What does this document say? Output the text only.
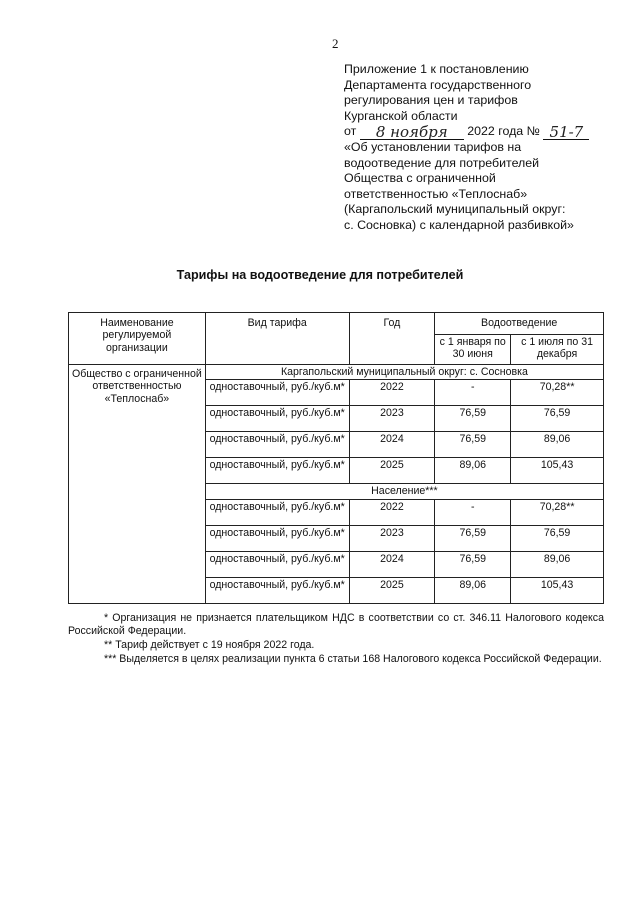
2
Приложение 1 к постановлению
Департамента государственного
регулирования цен и тарифов
Курганской области
от 8 ноября 2022 года № 51-7
«Об установлении тарифов на
водоотведение для потребителей
Общества с ограниченной
ответственностью «Теплоснаб»
(Каргапольский муниципальный округ:
с. Сосновка) с календарной разбивкой»
Тарифы на водоотведение для потребителей
Наименование регулируемой организации	Вид тарифа	Год	Водоотведение	
			с 1 января по 30 июня	с 1 июля по 31 декабря
Общество с ограниченной ответственностью «Теплоснаб»	Каргапольский муниципальный округ: с. Сосновка			
	одноставочный, руб./куб.м*	2022	-	70,28**
	одноставочный, руб./куб.м*	2023	76,59	76,59
	одноставочный, руб./куб.м*	2024	76,59	89,06
	одноставочный, руб./куб.м*	2025	89,06	105,43
	Население***			
	одноставочный, руб./куб.м*	2022	-	70,28**
	одноставочный, руб./куб.м*	2023	76,59	76,59
	одноставочный, руб./куб.м*	2024	76,59	89,06
	одноставочный, руб./куб.м*	2025	89,06	105,43

* Организация не признается плательщиком НДС в соответствии со ст. 346.11 Налогового кодекса Российской Федерации.

** Тариф действует с 19 ноября 2022 года.

*** Выделяется в целях реализации пункта 6 статьи 168 Налогового кодекса Российской Федерации.
